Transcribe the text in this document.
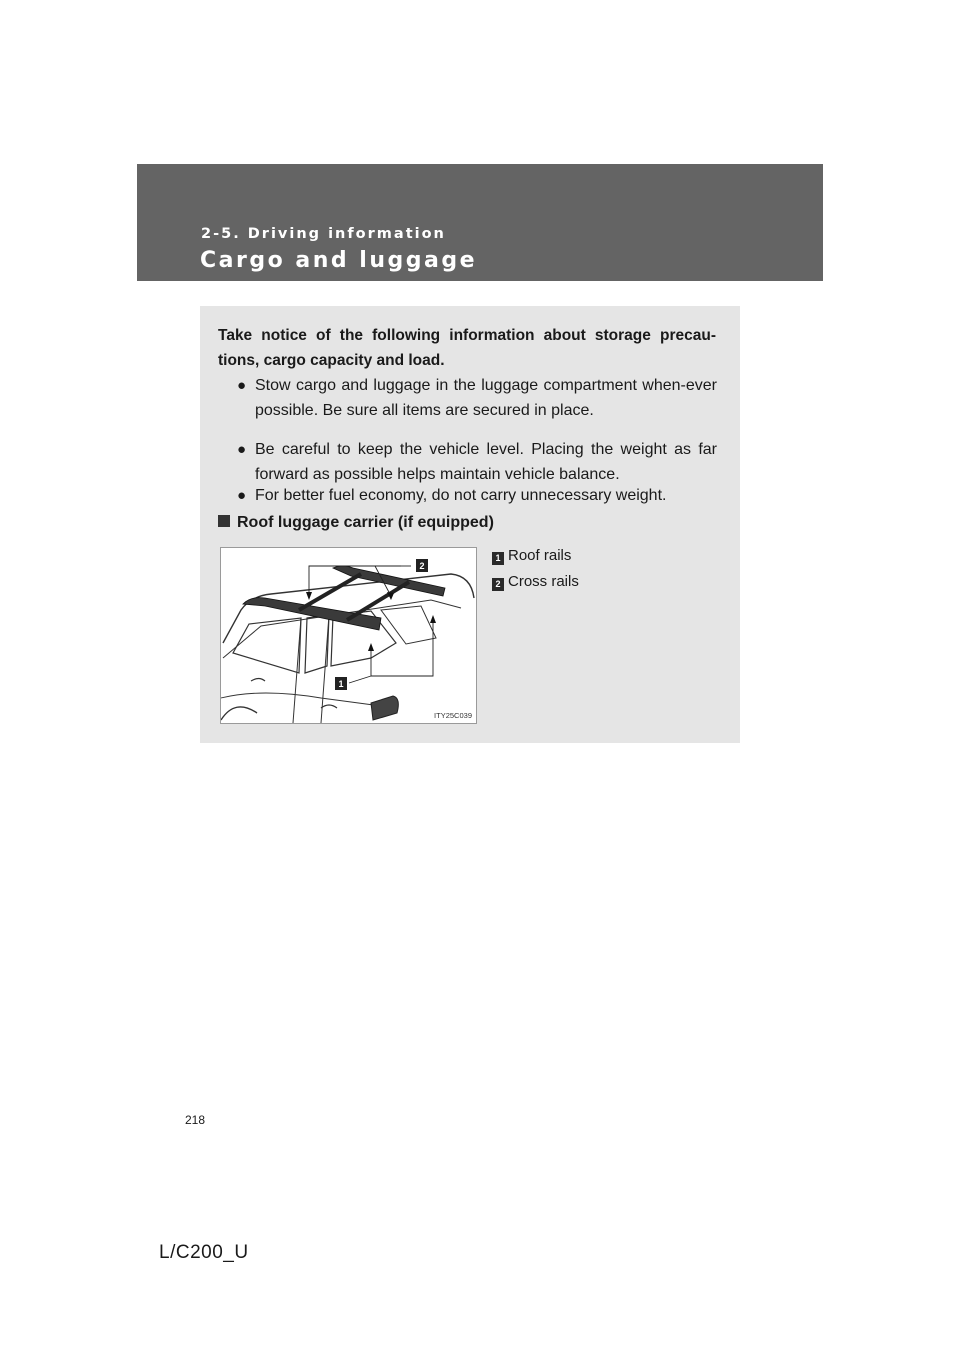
2-5. Driving information
Cargo and luggage
Take notice of the following information about storage precau-tions, cargo capacity and load.
● Stow cargo and luggage in the luggage compartment when-ever possible. Be sure all items are secured in place.
● Be careful to keep the vehicle level. Placing the weight as far forward as possible helps maintain vehicle balance.
● For better fuel economy, do not carry unnecessary weight.
Roof luggage carrier (if equipped)
2
1
ITY25C039
1 Roof rails
2 Cross rails
218
L/C200_U
